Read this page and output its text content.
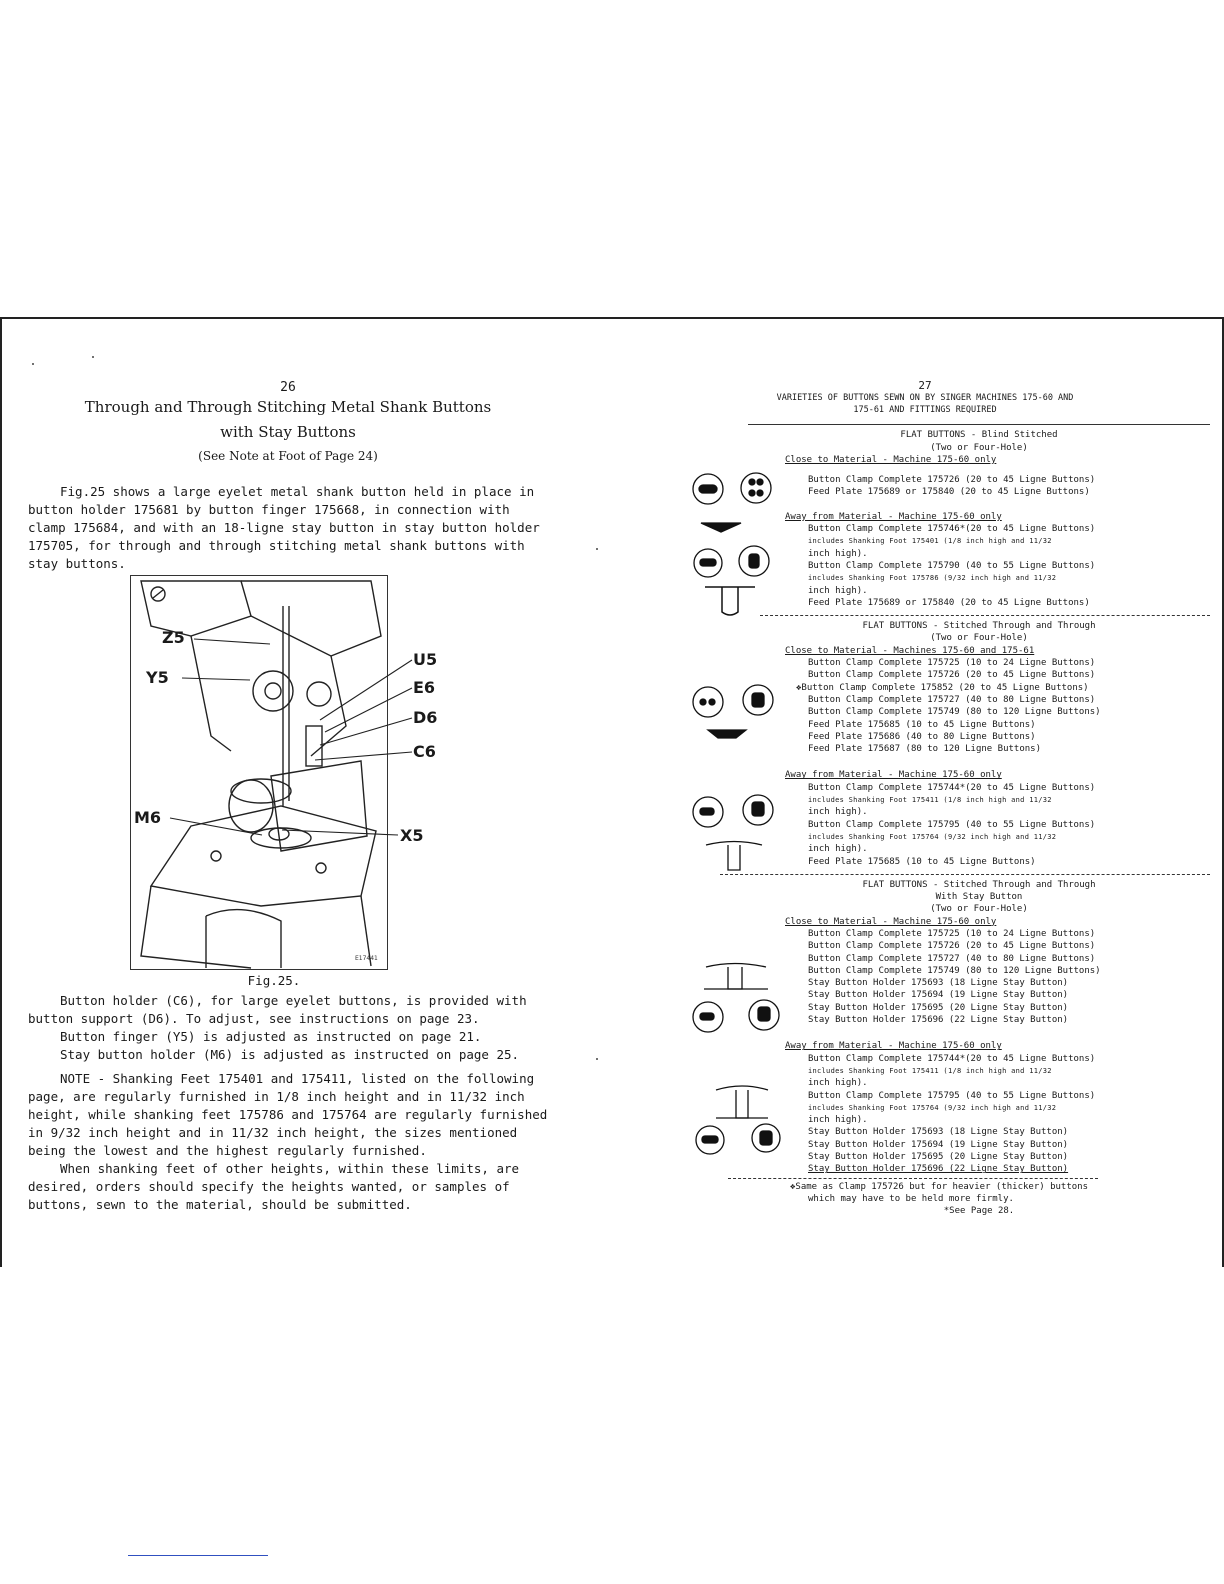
26
Through and Through Stitching Metal Shank Buttons
with Stay Buttons
(See Note at Foot of Page 24)

Fig.25 shows a large eyelet metal shank button held in place in button holder 175681 by button finger 175668, in connection with clamp 175684, and with an 18-ligne stay button in stay button holder 175705, for through and through stitching metal shank buttons with stay buttons.

E17441
Z5
Y5
U5
E6
D6
C6
M6
X5
Fig.25.

Button holder (C6), for large eyelet buttons, is provided with button support (D6). To adjust, see instructions on page 23.

Button finger (Y5) is adjusted as instructed on page 21.

Stay button holder (M6) is adjusted as instructed on page 25.

NOTE - Shanking Feet 175401 and 175411, listed on the following page, are regularly furnished in 1/8 inch height and in 11/32 inch height, while shanking feet 175786 and 175764 are regularly furnished in 9/32 inch height and in 11/32 inch height, the sizes mentioned being the lowest and the highest regularly furnished.

When shanking feet of other heights, within these limits, are desired, orders should specify the heights wanted, or samples of buttons, sewn to the material, should be submitted.

27
VARIETIES OF BUTTONS SEWN ON BY SINGER MACHINES 175-60 AND
175-61 AND FITTINGS REQUIRED
FLAT BUTTONS - Blind Stitched
(Two or Four-Hole)
Close to Material - Machine 175-60 only
Button Clamp Complete 175726 (20 to 45 Ligne Buttons)
Feed Plate 175689 or 175840 (20 to 45 Ligne Buttons)
Away from Material - Machine 175-60 only
Button Clamp Complete 175746*(20 to 45 Ligne Buttons)
includes Shanking Foot 175401 (1/8 inch high and 11/32
inch high).
Button Clamp Complete 175790 (40 to 55 Ligne Buttons)
includes Shanking Foot 175786 (9/32 inch high and 11/32
inch high).
Feed Plate 175689 or 175840 (20 to 45 Ligne Buttons)
FLAT BUTTONS - Stitched Through and Through
(Two or Four-Hole)
Close to Material - Machines 175-60 and 175-61
Button Clamp Complete 175725 (10 to 24 Ligne Buttons)
Button Clamp Complete 175726 (20 to 45 Ligne Buttons)
❖Button Clamp Complete 175852 (20 to 45 Ligne Buttons)
Button Clamp Complete 175727 (40 to 80 Ligne Buttons)
Button Clamp Complete 175749 (80 to 120 Ligne Buttons)
Feed Plate 175685 (10 to 45 Ligne Buttons)
Feed Plate 175686 (40 to 80 Ligne Buttons)
Feed Plate 175687 (80 to 120 Ligne Buttons)
Away from Material - Machine 175-60 only
Button Clamp Complete 175744*(20 to 45 Ligne Buttons)
includes Shanking Foot 175411 (1/8 inch high and 11/32
inch high).
Button Clamp Complete 175795 (40 to 55 Ligne Buttons)
includes Shanking Foot 175764 (9/32 inch high and 11/32
inch high).
Feed Plate 175685 (10 to 45 Ligne Buttons)
FLAT BUTTONS - Stitched Through and Through
With Stay Button
(Two or Four-Hole)
Close to Material - Machine 175-60 only
Button Clamp Complete 175725 (10 to 24 Ligne Buttons)
Button Clamp Complete 175726 (20 to 45 Ligne Buttons)
Button Clamp Complete 175727 (40 to 80 Ligne Buttons)
Button Clamp Complete 175749 (80 to 120 Ligne Buttons)
Stay Button Holder 175693 (18 Ligne Stay Button)
Stay Button Holder 175694 (19 Ligne Stay Button)
Stay Button Holder 175695 (20 Ligne Stay Button)
Stay Button Holder 175696 (22 Ligne Stay Button)
Away from Material - Machine 175-60 only
Button Clamp Complete 175744*(20 to 45 Ligne Buttons)
includes Shanking Foot 175411 (1/8 inch high and 11/32
inch high).
Button Clamp Complete 175795 (40 to 55 Ligne Buttons)
includes Shanking Foot 175764 (9/32 inch high and 11/32
inch high).
Stay Button Holder 175693 (18 Ligne Stay Button)
Stay Button Holder 175694 (19 Ligne Stay Button)
Stay Button Holder 175695 (20 Ligne Stay Button)
Stay Button Holder 175696 (22 Ligne Stay Button)
❖Same as Clamp 175726 but for heavier (thicker) buttons
which may have to be held more firmly.
*See Page 28.
